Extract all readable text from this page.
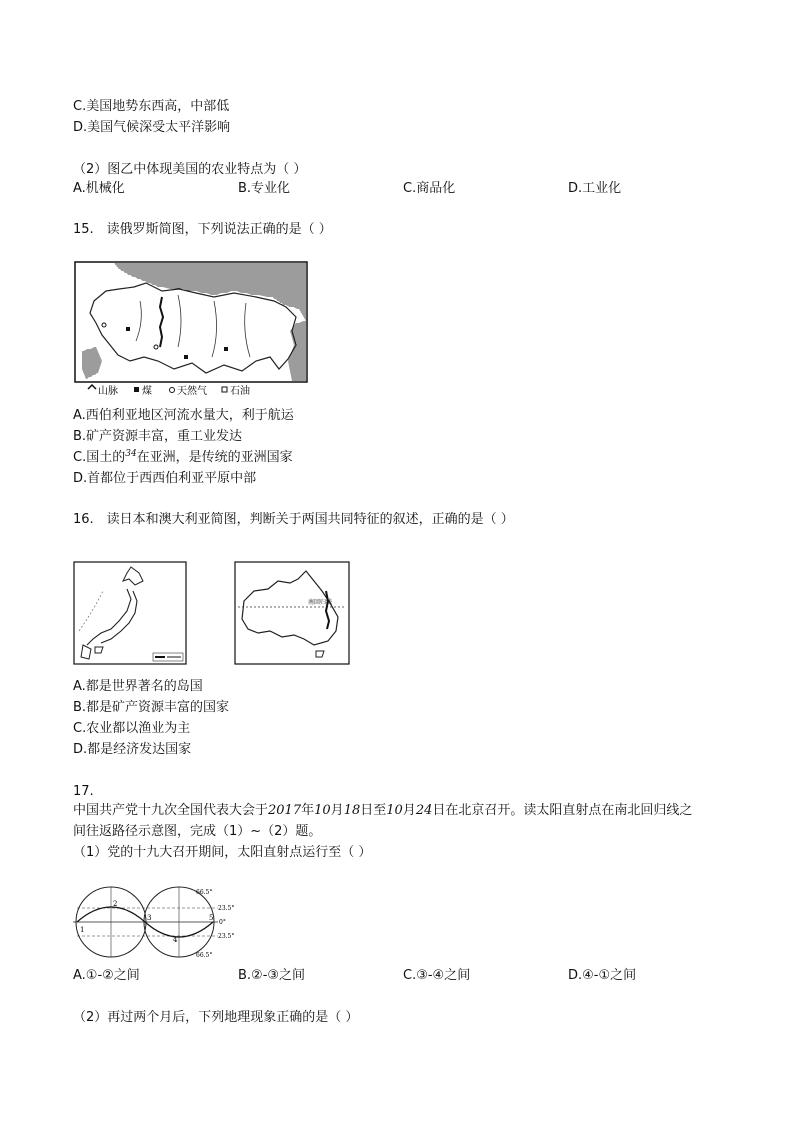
C.美国地势东西高，中部低
D.美国气候深受太平洋影响
（2）图乙中体现美国的农业特点为（ ）
A.机械化	B.专业化	C.商品化	D.工业化
15.　读俄罗斯简图，下列说法正确的是（ ）
山脉 煤	天然气 石油
A.西伯利亚地区河流水量大，利于航运
B.矿产资源丰富，重工业发达
C.国土的$^{34}$在亚洲，是传统的亚洲国家
D.首都位于西西伯利亚平原中部
16.　读日本和澳大利亚简图，判断关于两国共同特征的叙述，正确的是（ ）
南回归线
A.都是世界著名的岛国
B.都是矿产资源丰富的国家
C.农业都以渔业为主
D.都是经济发达国家
17.
中国共产党十九次全国代表大会于2017年10月18日至10月24日在北京召开。读太阳直射点在南北回归线之
间往返路径示意图，完成（1）~（2）题。
（1）党的十九大召开期间，太阳直射点运行至（ ）
66.5°
23.5°
0°
23.5°
66.5°
1
2
3
4
5
A.①-②之间	B.②-③之间	C.③-④之间	D.④-①之间
（2）再过两个月后，下列地理现象正确的是（ ）
